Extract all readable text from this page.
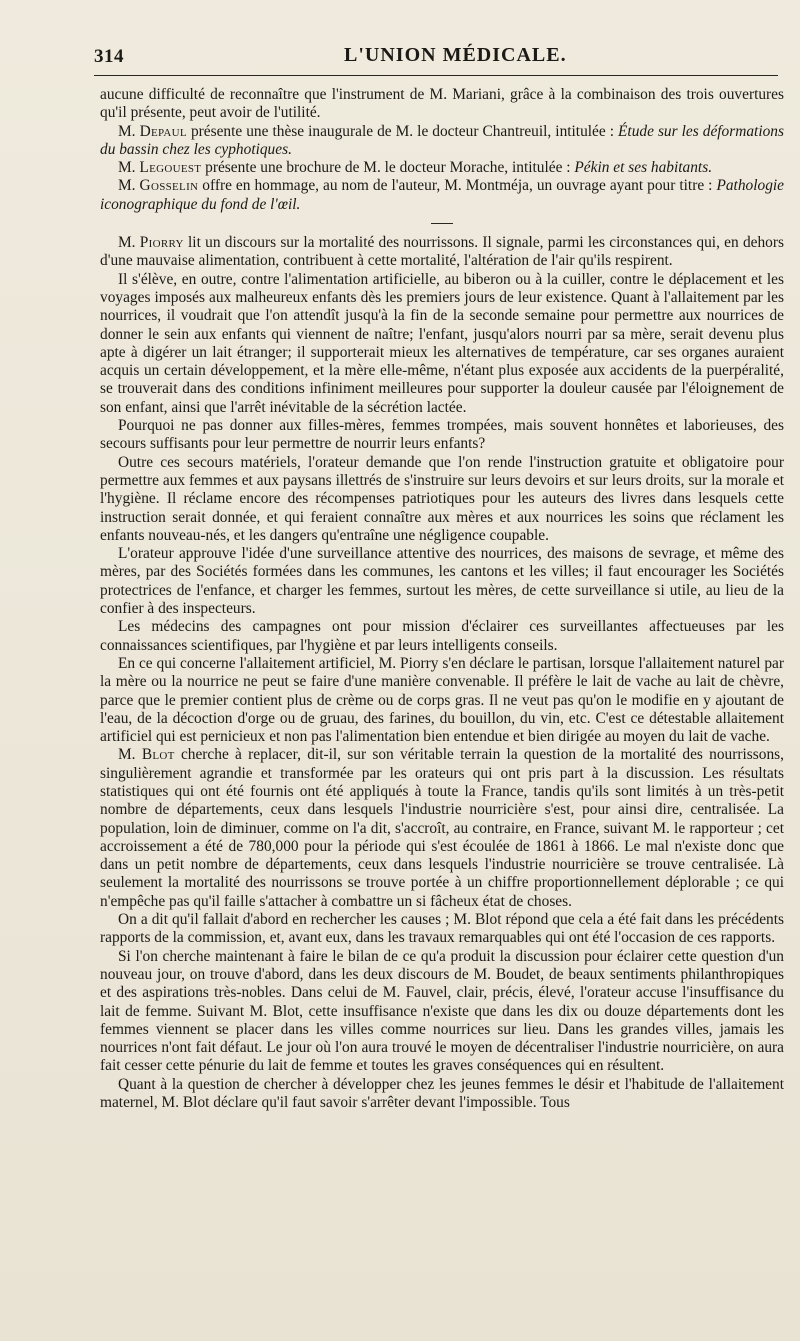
314	L'UNION MÉDICALE.

aucune difficulté de reconnaître que l'instrument de M. Mariani, grâce à la combinaison des trois ouvertures qu'il présente, peut avoir de l'utilité.

M. Depaul présente une thèse inaugurale de M. le docteur Chantreuil, intitulée : Étude sur les déformations du bassin chez les cyphotiques.

M. Legouest présente une brochure de M. le docteur Morache, intitulée : Pékin et ses habitants.

M. Gosselin offre en hommage, au nom de l'auteur, M. Montméja, un ouvrage ayant pour titre : Pathologie iconographique du fond de l'œil.

M. Piorry lit un discours sur la mortalité des nourrissons. Il signale, parmi les circonstances qui, en dehors d'une mauvaise alimentation, contribuent à cette mortalité, l'altération de l'air qu'ils respirent.

Il s'élève, en outre, contre l'alimentation artificielle, au biberon ou à la cuiller, contre le déplacement et les voyages imposés aux malheureux enfants dès les premiers jours de leur existence. Quant à l'allaitement par les nourrices, il voudrait que l'on attendît jusqu'à la fin de la seconde semaine pour permettre aux nourrices de donner le sein aux enfants qui viennent de naître; l'enfant, jusqu'alors nourri par sa mère, serait devenu plus apte à digérer un lait étranger; il supporterait mieux les alternatives de température, car ses organes auraient acquis un certain développement, et la mère elle-même, n'étant plus exposée aux accidents de la puerpéralité, se trouverait dans des conditions infiniment meilleures pour supporter la douleur causée par l'éloignement de son enfant, ainsi que l'arrêt inévitable de la sécrétion lactée.

Pourquoi ne pas donner aux filles-mères, femmes trompées, mais souvent honnêtes et laborieuses, des secours suffisants pour leur permettre de nourrir leurs enfants?

Outre ces secours matériels, l'orateur demande que l'on rende l'instruction gratuite et obligatoire pour permettre aux femmes et aux paysans illettrés de s'instruire sur leurs devoirs et sur leurs droits, sur la morale et l'hygiène. Il réclame encore des récompenses patriotiques pour les auteurs des livres dans lesquels cette instruction serait donnée, et qui feraient connaître aux mères et aux nourrices les soins que réclament les enfants nouveau-nés, et les dangers qu'entraîne une négligence coupable.

L'orateur approuve l'idée d'une surveillance attentive des nourrices, des maisons de sevrage, et même des mères, par des Sociétés formées dans les communes, les cantons et les villes; il faut encourager les Sociétés protectrices de l'enfance, et charger les femmes, surtout les mères, de cette surveillance si utile, au lieu de la confier à des inspecteurs.

Les médecins des campagnes ont pour mission d'éclairer ces surveillantes affectueuses par les connaissances scientifiques, par l'hygiène et par leurs intelligents conseils.

En ce qui concerne l'allaitement artificiel, M. Piorry s'en déclare le partisan, lorsque l'allaitement naturel par la mère ou la nourrice ne peut se faire d'une manière convenable. Il préfère le lait de vache au lait de chèvre, parce que le premier contient plus de crème ou de corps gras. Il ne veut pas qu'on le modifie en y ajoutant de l'eau, de la décoction d'orge ou de gruau, des farines, du bouillon, du vin, etc. C'est ce détestable allaitement artificiel qui est pernicieux et non pas l'alimentation bien entendue et bien dirigée au moyen du lait de vache.

M. Blot cherche à replacer, dit-il, sur son véritable terrain la question de la mortalité des nourrissons, singulièrement agrandie et transformée par les orateurs qui ont pris part à la discussion. Les résultats statistiques qui ont été fournis ont été appliqués à toute la France, tandis qu'ils sont limités à un très-petit nombre de départements, ceux dans lesquels l'industrie nourricière s'est, pour ainsi dire, centralisée. La population, loin de diminuer, comme on l'a dit, s'accroît, au contraire, en France, suivant M. le rapporteur ; cet accroissement a été de 780,000 pour la période qui s'est écoulée de 1861 à 1866. Le mal n'existe donc que dans un petit nombre de départements, ceux dans lesquels l'industrie nourricière se trouve centralisée. Là seulement la mortalité des nourrissons se trouve portée à un chiffre proportionnellement déplorable ; ce qui n'empêche pas qu'il faille s'attacher à combattre un si fâcheux état de choses.

On a dit qu'il fallait d'abord en rechercher les causes ; M. Blot répond que cela a été fait dans les précédents rapports de la commission, et, avant eux, dans les travaux remarquables qui ont été l'occasion de ces rapports.

Si l'on cherche maintenant à faire le bilan de ce qu'a produit la discussion pour éclairer cette question d'un nouveau jour, on trouve d'abord, dans les deux discours de M. Boudet, de beaux sentiments philanthropiques et des aspirations très-nobles. Dans celui de M. Fauvel, clair, précis, élevé, l'orateur accuse l'insuffisance du lait de femme. Suivant M. Blot, cette insuffisance n'existe que dans les dix ou douze départements dont les femmes viennent se placer dans les villes comme nourrices sur lieu. Dans les grandes villes, jamais les nourrices n'ont fait défaut. Le jour où l'on aura trouvé le moyen de décentraliser l'industrie nourricière, on aura fait cesser cette pénurie du lait de femme et toutes les graves conséquences qui en résultent.

Quant à la question de chercher à développer chez les jeunes femmes le désir et l'habitude de l'allaitement maternel, M. Blot déclare qu'il faut savoir s'arrêter devant l'impossible. Tous
